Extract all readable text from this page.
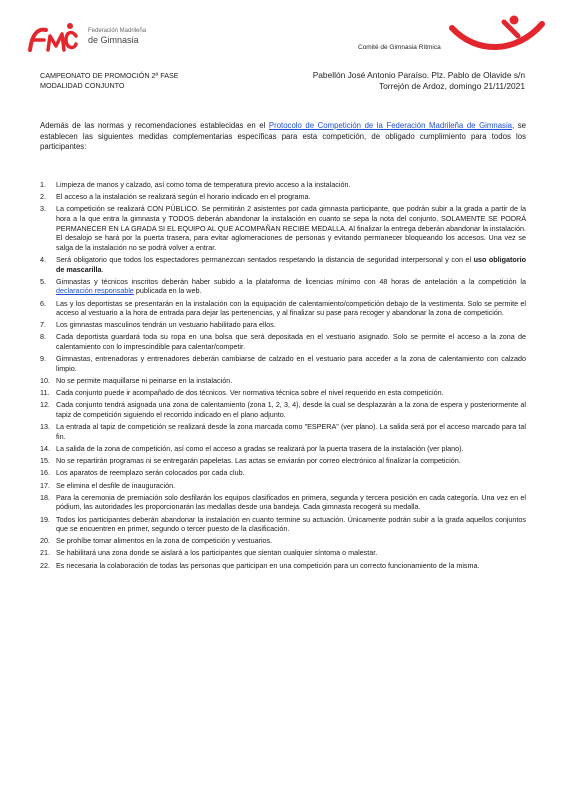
Federación Madrileña
de Gimnasia
Comité de Gimnasia Rítmica
CAMPEONATO DE PROMOCIÓN 2ª FASE
MODALIDAD CONJUNTO
Pabellón José Antonio Paraíso. Plz. Pablo de Olavide s/n
Torrejón de Ardoz, domingo 21/11/2021

Además de las normas y recomendaciones establecidas en el Protocolo de Competición de la Federación Madrileña de Gimnasia, se establecen las siguientes medidas complementarias específicas para esta competición, de obligado cumplimiento para todos los participantes:

1. Limpieza de manos y calzado, así como toma de temperatura previo acceso a la instalación.
2. El acceso a la instalación se realizará según el horario indicado en el programa.
3. La competición se realizará CON PÚBLICO. Se permitirán 2 asistentes por cada gimnasta participante, que podrán subir a la grada a partir de la hora a la que entra la gimnasta y TODOS deberán abandonar la instalación en cuanto se sepa la nota del conjunto. SOLAMENTE SE PODRÁ PERMANECER EN LA GRADA SI EL EQUIPO AL QUE ACOMPAÑAN RECIBE MEDALLA. Al finalizar la entrega deberán abandonar la instalación. El desalojo se hará por la puerta trasera, para evitar aglomeraciones de personas y evitando permanecer bloqueando los accesos. Una vez se salga de la instalación no se podrá volver a entrar.
4. Será obligatorio que todos los espectadores permanezcan sentados respetando la distancia de seguridad interpersonal y con el uso obligatorio de mascarilla.
5. Gimnastas y técnicos inscritos deberán haber subido a la plataforma de licencias mínimo con 48 horas de antelación a la competición la declaración responsable publicada en la web.
6. Las y los deportistas se presentarán en la instalación con la equipación de calentamiento/competición debajo de la vestimenta. Solo se permite el acceso al vestuario a la hora de entrada para dejar las pertenencias, y al finalizar su pase para recoger y abandonar la zona de competición.
7. Los gimnastas masculinos tendrán un vestuario habilitado para ellos.
8. Cada deportista guardará toda su ropa en una bolsa que será depositada en el vestuario asignado. Solo se permite el acceso a la zona de calentamiento con lo imprescindible para calentar/competir.
9. Gimnastas, entrenadoras y entrenadores deberán cambiarse de calzado en el vestuario para acceder a la zona de calentamiento con calzado limpio.
10. No se permite maquillarse ni peinarse en la instalación.
11. Cada conjunto puede ir acompañado de dos técnicos. Ver normativa técnica sobre el nivel requerido en esta competición.
12. Cada conjunto tendrá asignada una zona de calentamiento (zona 1, 2, 3, 4), desde la cual se desplazarán a la zona de espera y posteriormente al tapiz de competición siguiendo el recorrido indicado en el plano adjunto.
13. La entrada al tapiz de competición se realizará desde la zona marcada como "ESPERA" (ver plano). La salida será por el acceso marcado para tal fin.
14. La salida de la zona de competición, así como el acceso a gradas se realizará por la puerta trasera de la instalación (ver plano).
15. No se repartirán programas ni se entregarán papeletas. Las actas se enviarán por correo electrónico al finalizar la competición.
16. Los aparatos de reemplazo serán colocados por cada club.
17. Se elimina el desfile de inauguración.
18. Para la ceremonia de premiación solo desfilarán los equipos clasificados en primera, segunda y tercera posición en cada categoría. Una vez en el pódium, las autoridades les proporcionarán las medallas desde una bandeja. Cada gimnasta recogerá su medalla.
19. Todos los participantes deberán abandonar la instalación en cuanto termine su actuación. Únicamente podrán subir a la grada aquellos conjuntos que se encuentren en primer, segundo o tercer puesto de la clasificación.
20. Se prohíbe tomar alimentos en la zona de competición y vestuarios.
21. Se habilitará una zona donde se aislará a los participantes que sientan cualquier síntoma o malestar.
22. Es necesaria la colaboración de todas las personas que participan en una competición para un correcto funcionamiento de la misma.
